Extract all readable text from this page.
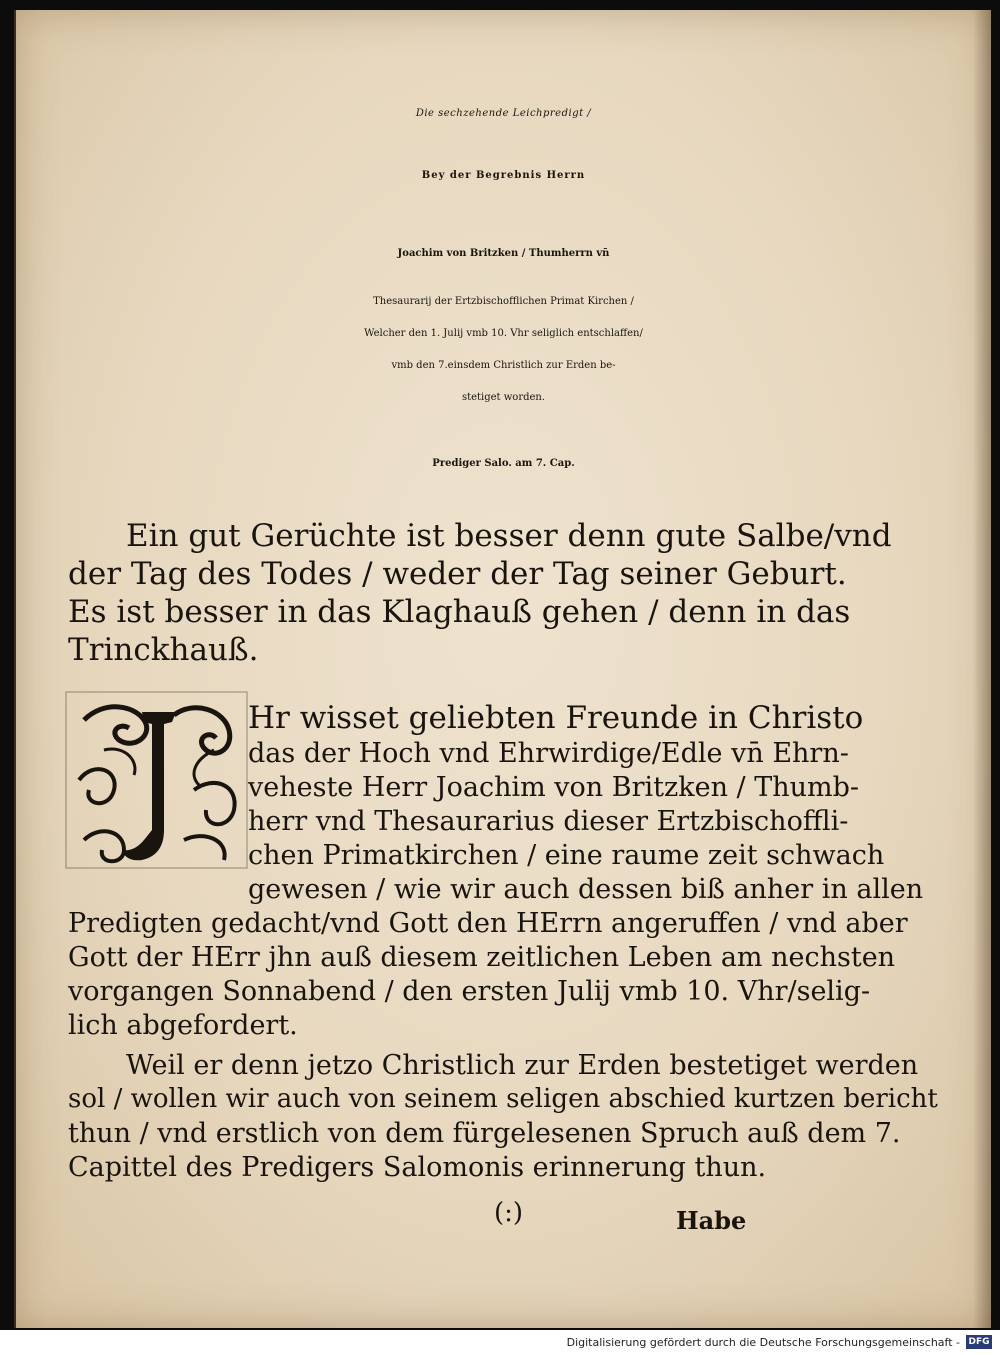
Die sechzehende Leichpredigt /
Bey der Begrebnis Herrn
Joachim von Britzken / Thumherrn vn̄
Thesaurarij der Ertzbischofflichen Primat Kirchen /
Welcher den 1. Julij vmb 10. Vhr seliglich entschlaffen/
vmb den 7.einsdem Christlich zur Erden be-
stetiget worden.
Prediger Salo. am 7. Cap.
Ein gut Gerüchte ist besser denn gute Salbe/vnd
der Tag des Todes / weder der Tag seiner Geburt.
Es ist besser in das Klaghauß gehen / denn in das
Trinckhauß.
Hr wisset geliebten Freunde in Christo
das der Hoch vnd Ehrwirdige/Edle vn̄ Ehrn-
veheste Herr Joachim von Britzken / Thumb-
herr vnd Thesaurarius dieser Ertzbischoffli-
chen Primatkirchen / eine raume zeit schwach
gewesen / wie wir auch dessen biß anher in allen
Predigten gedacht/vnd Gott den HErrn angeruffen / vnd aber
Gott der HErr jhn auß diesem zeitlichen Leben am nechsten
vorgangen Sonnabend / den ersten Julij vmb 10. Vhr/selig-
lich abgefordert.
Weil er denn jetzo Christlich zur Erden bestetiget werden
sol / wollen wir auch von seinem seligen abschied kurtzen bericht
thun / vnd erstlich von dem fürgelesenen Spruch auß dem 7.
Capittel des Predigers Salomonis erinnerung thun.
(:)	Habe
Digitalisierung gefördert durch die Deutsche Forschungsgemeinschaft - DFG
